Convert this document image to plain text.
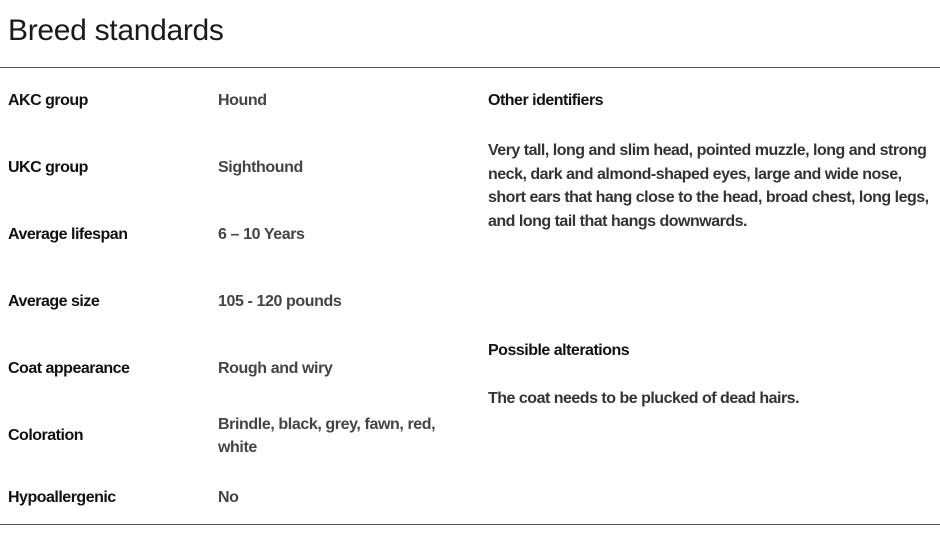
Breed standards
AKC group
UKC group
Average lifespan
Average size
Coat appearance
Coloration
Hypoallergenic
Hound
Sighthound
6 – 10 Years
105 - 120 pounds
Rough and wiry
Brindle, black, grey, fawn, red, white
No
Other identifiers
Very tall, long and slim head, pointed muzzle, long and strong neck, dark and almond-shaped eyes, large and wide nose, short ears that hang close to the head, broad chest, long legs, and long tail that hangs downwards.
Possible alterations
The coat needs to be plucked of dead hairs.
